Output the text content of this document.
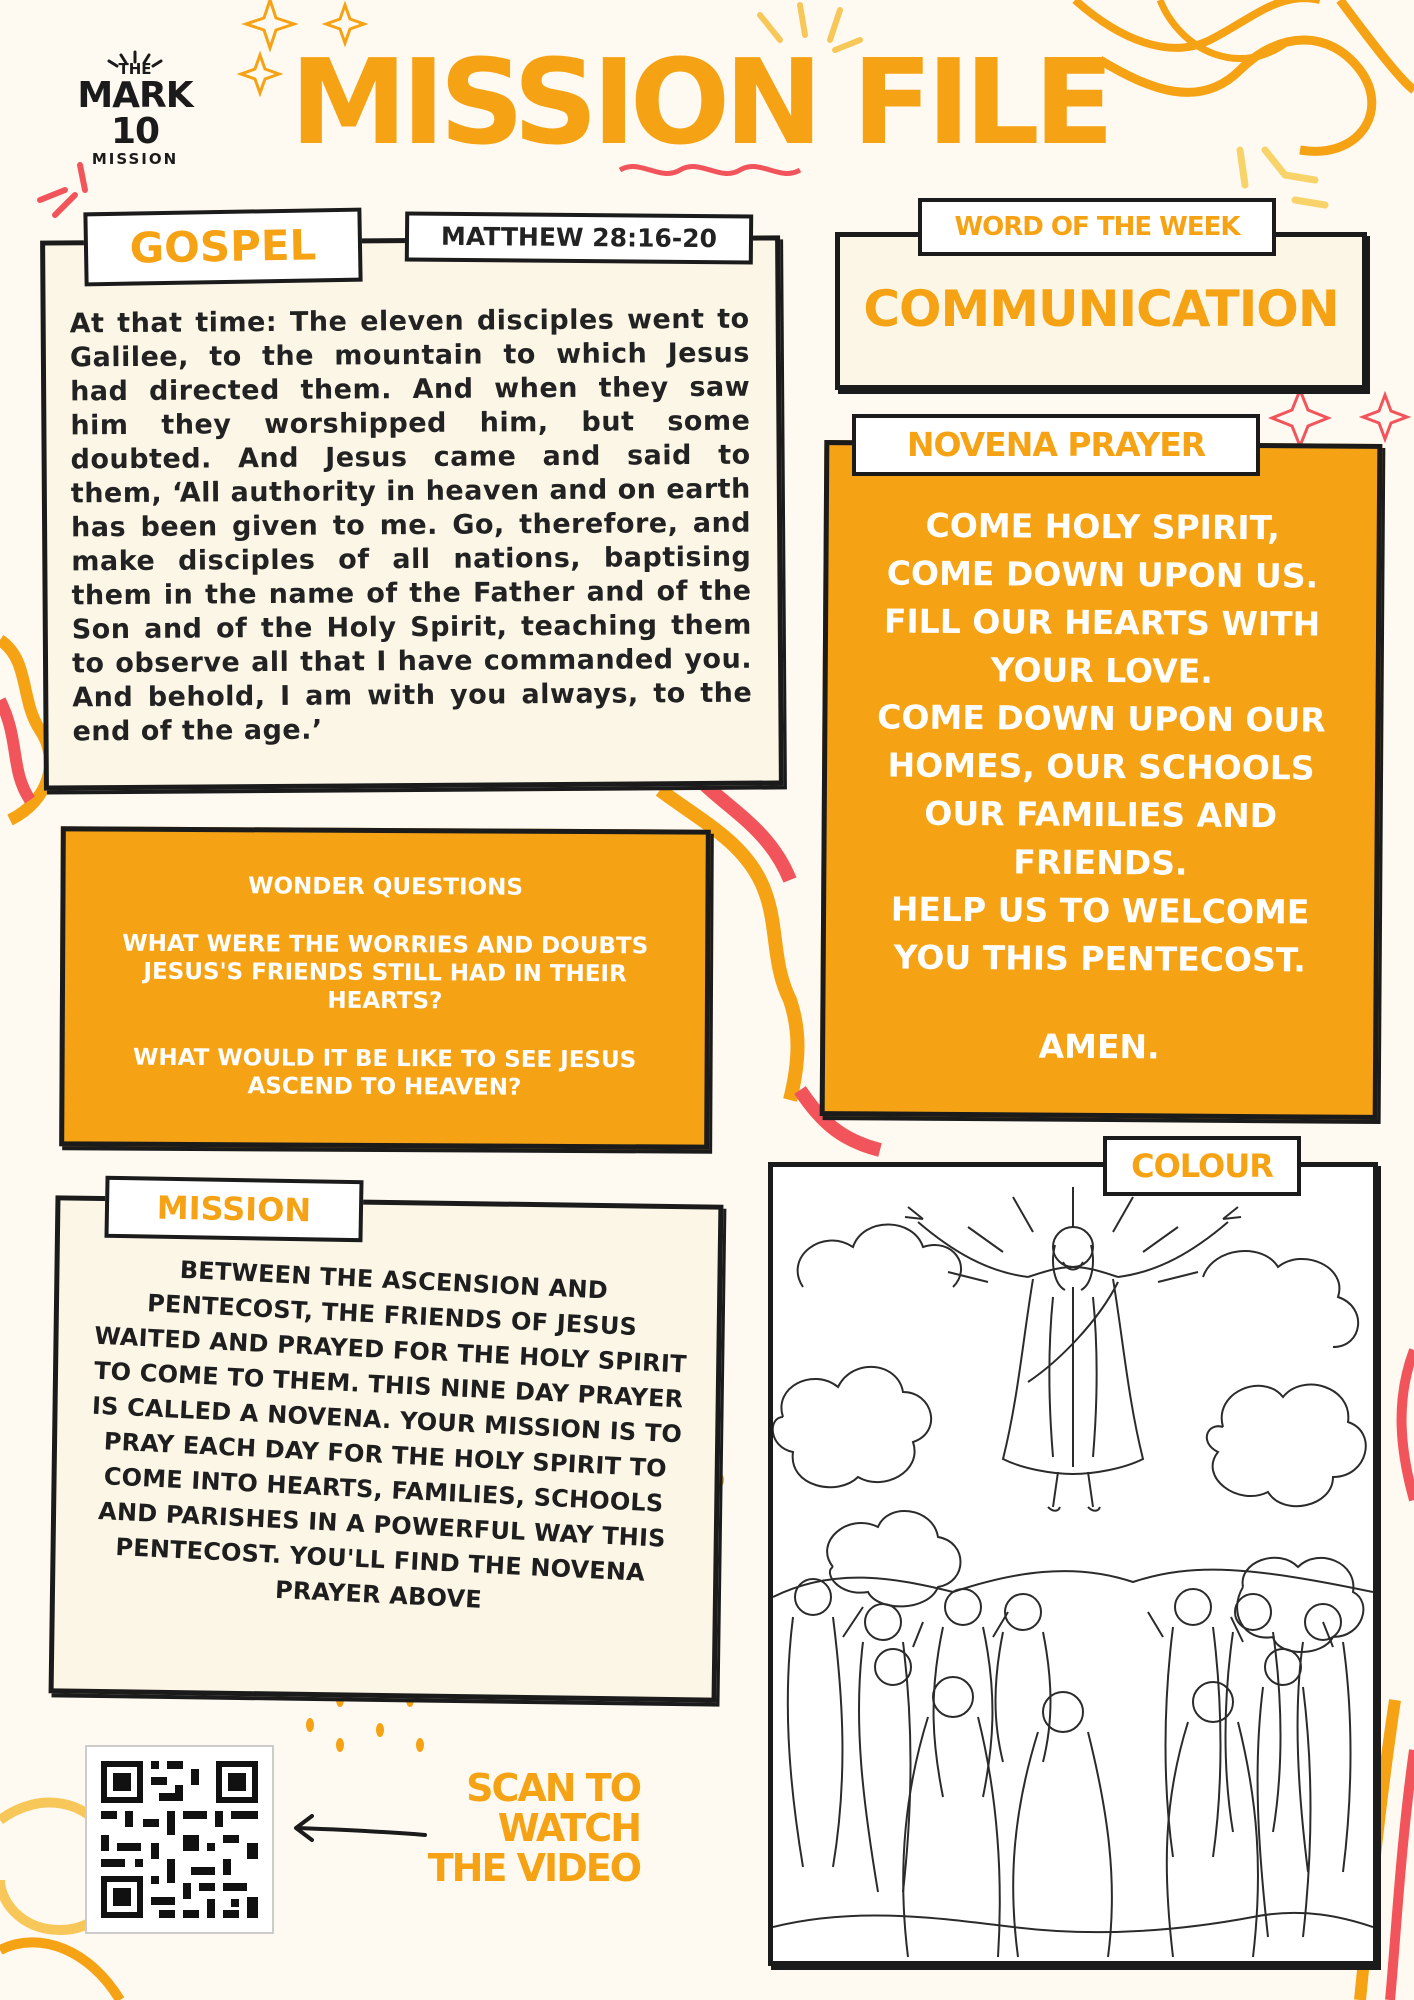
THE
MARK 10
MISSION MISSION FILE
At that time: The eleven disciples went to Galilee, to the mountain to which Jesus had directed them. And when they saw him they worshipped him, but some doubted. And Jesus came and said to them, ‘All authority in heaven and on earth has been given to me. Go, therefore, and make disciples of all nations, baptising them in the name of the Father and of the Son and of the Holy Spirit, teaching them to observe all that I have commanded you. And behold, I am with you always, to the end of the age.’
GOSPEL	MATTHEW 28:16-20	WORD OF THE WEEK
COMMUNICATION
COME HOLY SPIRIT,
COME DOWN UPON US.
FILL OUR HEARTS WITH
YOUR LOVE.
COME DOWN UPON OUR
HOMES, OUR SCHOOLS
OUR FAMILIES AND
FRIENDS.
HELP US TO WELCOME
YOU THIS PENTECOST.
AMEN.
NOVENA PRAYER
WONDER QUESTIONS
WHAT WERE THE WORRIES AND DOUBTS JESUS'S FRIENDS STILL HAD IN THEIR HEARTS?
WHAT WOULD IT BE LIKE TO SEE JESUS ASCEND TO HEAVEN?
BETWEEN THE ASCENSION AND PENTECOST, THE FRIENDS OF JESUS WAITED AND PRAYED FOR THE HOLY SPIRIT TO COME TO THEM. THIS NINE DAY PRAYER IS CALLED A NOVENA. YOUR MISSION IS TO PRAY EACH DAY FOR THE HOLY SPIRIT TO COME INTO HEARTS, FAMILIES, SCHOOLS AND PARISHES IN A POWERFUL WAY THIS PENTECOST. YOU'LL FIND THE NOVENA PRAYER ABOVE
MISSION
COLOUR
SCAN TO
WATCH
THE VIDEO
